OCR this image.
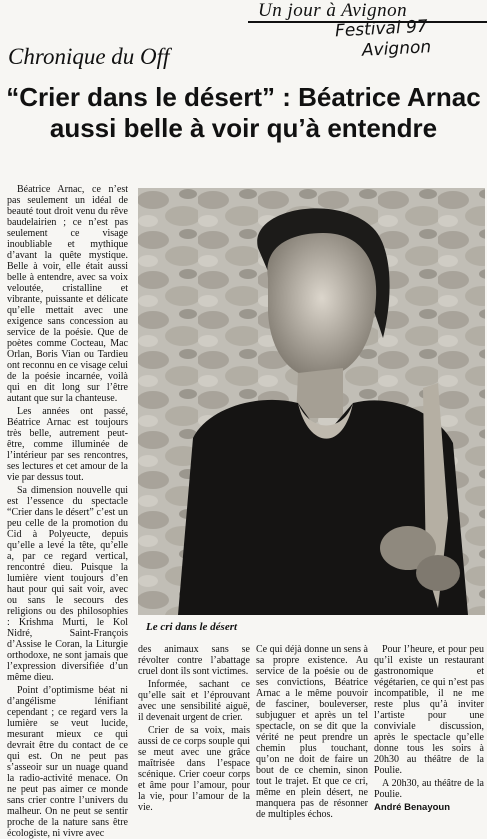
Un jour à Avignon
Festival 97
Avignon
Chronique du Off
“Crier dans le désert” : Béatrice Arnac aussi belle à voir qu’à entendre

Béatrice Arnac, ce n’est pas seulement un idéal de beauté tout droit venu du rêve baudelairien ; ce n’est pas seulement ce visage inoubliable et mythique d’avant la quête mystique. Belle à voir, elle était aussi belle à entendre, avec sa voix veloutée, cristalline et vibrante, puissante et délicate qu’elle mettait avec une exigence sans concession au service de la poésie. Que de poètes comme Cocteau, Mac Orlan, Boris Vian ou Tardieu ont reconnu en ce visage celui de la poésie incarnée, voilà qui en dit long sur l’être autant que sur la chanteuse.

Les années ont passé, Béatrice Arnac est toujours très belle, autrement peut-être, comme illuminée de l’intérieur par ses rencontres, ses lectures et cet amour de la vie par dessus tout.

Sa dimension nouvelle qui est l’essence du spectacle “Crier dans le désert” c’est un peu celle de la promotion du Cid à Polyeucte, depuis qu’elle a levé la tête, qu’elle a, par ce regard vertical, rencontré dieu. Puisque la lumière vient toujours d’en haut pour qui sait voir, avec ou sans le secours des religions ou des philosophies : Krishma Murti, le Kol Nidré, Saint-François d’Assise le Coran, la Liturgie orthodoxe, ne sont jamais que l’expression diversifiée d’un même dieu.

Point d’optimisme béat ni d’angélisme lénifiant cependant ; ce regard vers la lumière se veut lucide, mesurant mieux ce qui devrait être du contact de ce qui est. On ne peut pas s’asseoir sur un nuage quand la radio-activité menace. On ne peut pas aimer ce monde sans crier contre l’univers du malheur. On ne peut se sentir proche de la nature sans être écologiste, ni vivre avec

Le cri dans le désert

des animaux sans se révolter contre l’abattage cruel dont ils sont victimes.

Informée, sachant ce qu’elle sait et l’éprouvant avec une sensibilité aiguë, il devenait urgent de crier.

Crier de sa voix, mais aussi de ce corps souple qui se meut avec une grâce maîtrisée dans l’espace scénique. Crier coeur corps et âme pour l’amour, pour la vie, pour l’amour de la vie.

Ce qui déjà donne un sens à sa propre existence. Au service de la poésie ou de ses convictions, Béatrice Arnac a le même pouvoir de fasciner, bouleverser, subjuguer et après un tel spectacle, on se dit que la vérité ne peut prendre un chemin plus touchant, qu’on ne doit de faire un bout de ce chemin, sinon tout le trajet. Et que ce cri, même en plein désert, ne manquera pas de résonner de multiples échos.

Pour l’heure, et pour peu qu’il existe un restaurant gastronomique et végétarien, ce qui n’est pas incompatible, il ne me reste plus qu’à inviter l’artiste pour une conviviale discussion, après le spectacle qu’elle donne tous les soirs à 20h30 au théâtre de la Poulie.

A 20h30, au théâtre de la Poulie.

André Benayoun
